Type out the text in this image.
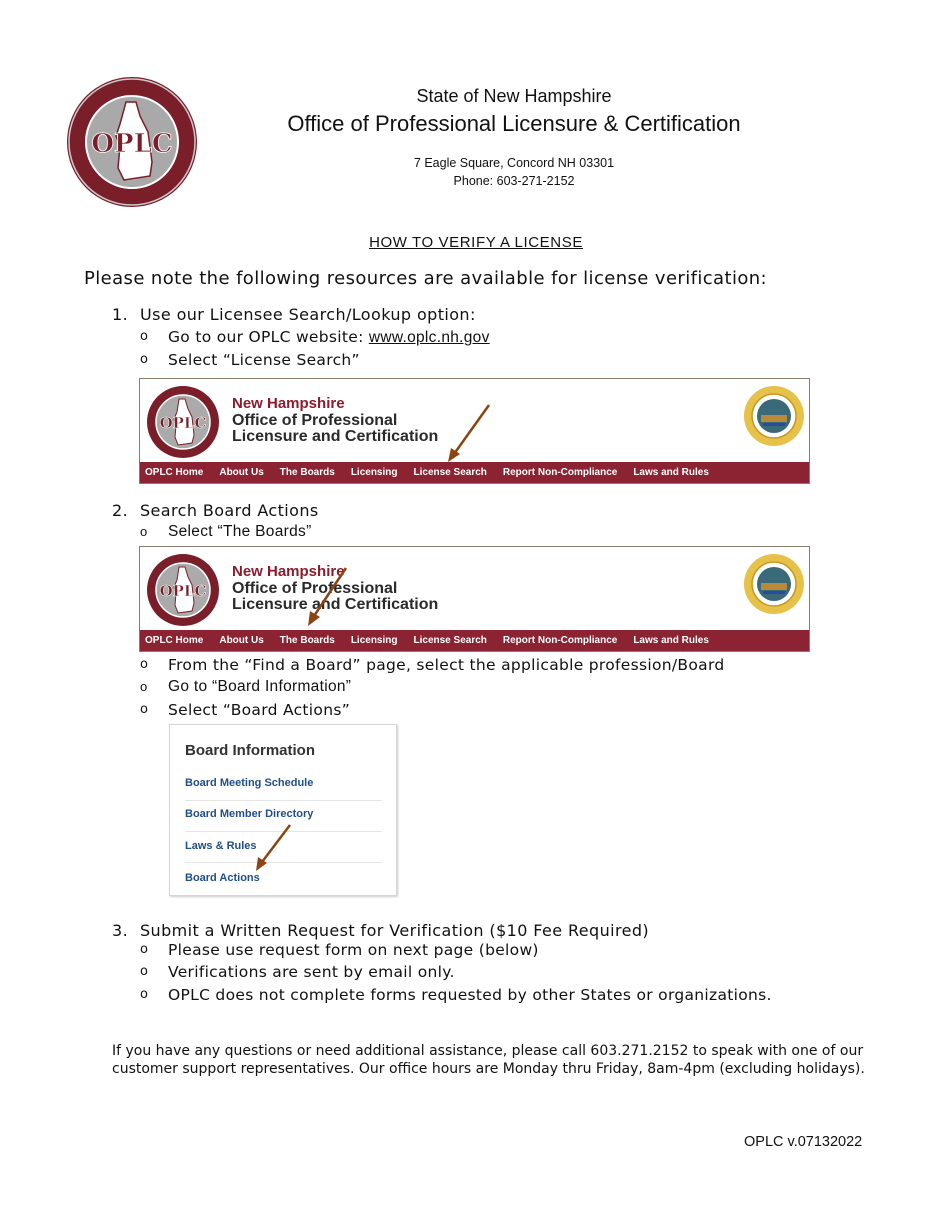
OPLC
State of New Hampshire
Office of Professional Licensure & Certification
7 Eagle Square, Concord NH 03301
Phone: 603-271-2152
HOW TO VERIFY A LICENSE
Please note the following resources are available for license verification:
1. Use our Licensee Search/Lookup option:
o Go to our OPLC website: www.oplc.nh.gov
o Select “License Search”
OPLC
New Hampshire
Office of Professional
Licensure and Certification
OPLC Home About Us The Boards Licensing License Search Report Non-Compliance Laws and Rules
2. Search Board Actions
o Select “The Boards”
OPLC
New Hampshire
Office of Professional
Licensure and Certification
OPLC Home About Us The Boards Licensing License Search Report Non-Compliance Laws and Rules
o From the “Find a Board” page, select the applicable profession/Board
o Go to “Board Information”
o Select “Board Actions”
Board Information
Board Meeting Schedule
Board Member Directory
Laws & Rules
Board Actions
3. Submit a Written Request for Verification ($10 Fee Required)
o Please use request form on next page (below)
o Verifications are sent by email only.
o OPLC does not complete forms requested by other States or organizations.
If you have any questions or need additional assistance, please call 603.271.2152 to speak with one of our customer support representatives. Our office hours are Monday thru Friday, 8am-4pm (excluding holidays).
OPLC v.07132022
